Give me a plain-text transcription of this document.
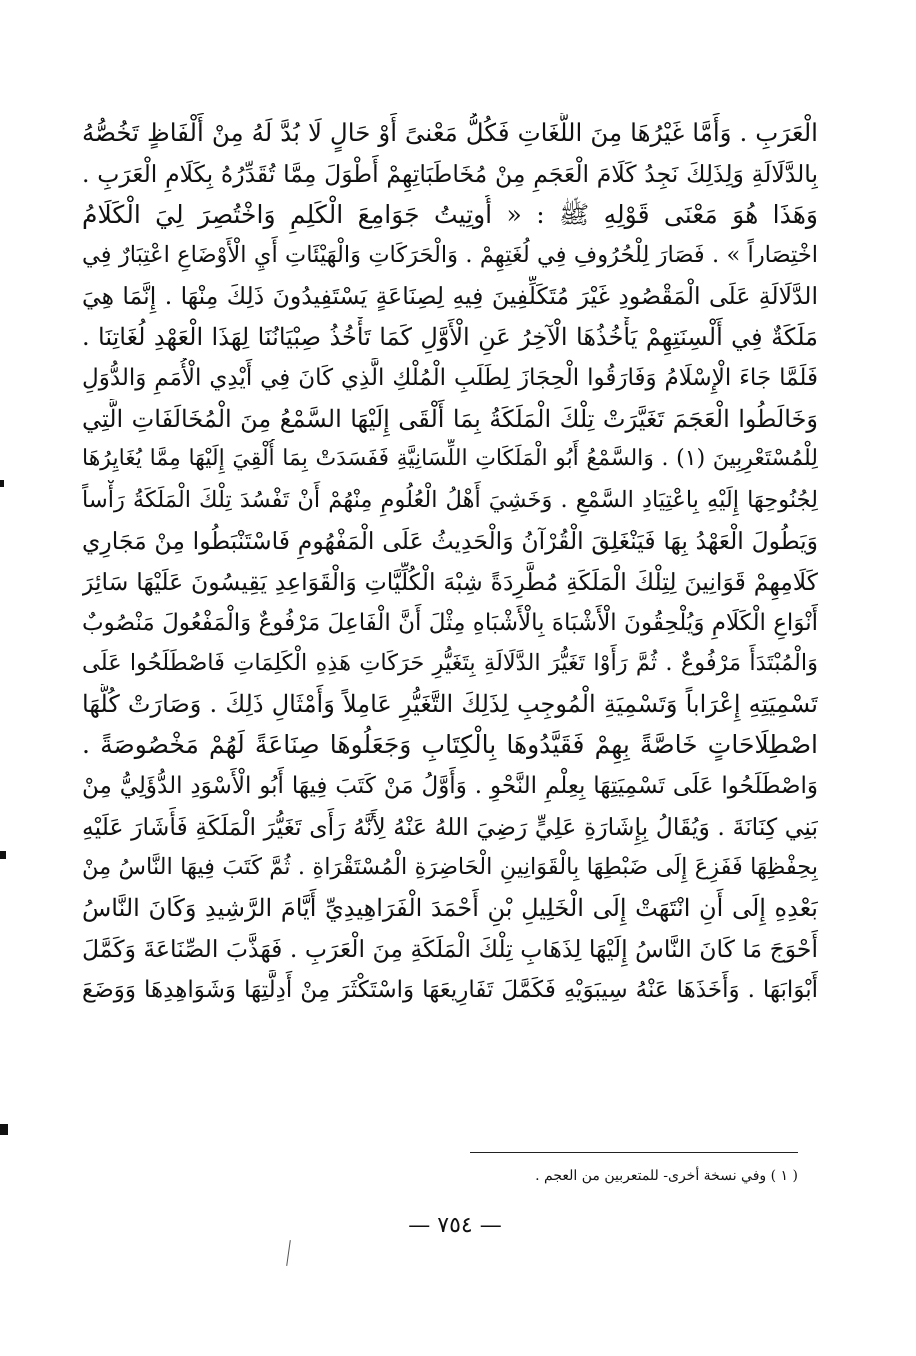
الْعَرَبِ . وَأَمَّا غَيْرُهَا مِنَ اللُّغَاتِ فَكُلُّ مَعْنىً أَوْ حَالٍ لَا بُدَّ لَهُ مِنْ أَلْفَاظٍ تَخُصُّهُ
بِالدَّلَالَةِ وَلِذَلِكَ نَجِدُ كَلَامَ الْعَجَمِ مِنْ مُخَاطَبَاتِهِمْ أَطْوَلَ مِمَّا تُقَدِّرُهُ بِكَلَامِ الْعَرَبِ .
وَهَذَا هُوَ مَعْنَى قَوْلِهِ ﷺ : « أُوتِيتُ جَوَامِعَ الْكَلِمِ وَاخْتُصِرَ لِيَ الْكَلَامُ
اخْتِصَاراً » . فَصَارَ لِلْحُرُوفِ فِي لُغَتِهِمْ . وَالْحَرَكَاتِ وَالْهَيْئَاتِ أَيِ الْأَوْضَاعِ اعْتِبَارٌ فِي
الدَّلَالَةِ عَلَى الْمَقْصُودِ غَيْرَ مُتَكَلِّفِينَ فِيهِ لِصِنَاعَةٍ يَسْتَفِيدُونَ ذَلِكَ مِنْهَا . إِنَّمَا هِيَ
مَلَكَةٌ فِي أَلْسِنَتِهِمْ يَأْخُذُهَا الْآخِرُ عَنِ الْأَوَّلِ كَمَا تَأْخُذُ صِبْيَانُنَا لِهَذَا الْعَهْدِ لُغَاتِنَا .
فَلَمَّا جَاءَ الْإِسْلَامُ وَفَارَقُوا الْحِجَازَ لِطَلَبِ الْمُلْكِ الَّذِي كَانَ فِي أَيْدِي الْأُمَمِ وَالدُّوَلِ
وَخَالَطُوا الْعَجَمَ تَغَيَّرَتْ تِلْكَ الْمَلَكَةُ بِمَا أَلْقَى إِلَيْهَا السَّمْعُ مِنَ الْمُخَالَفَاتِ الَّتِي
لِلْمُسْتَعْرِبِينَ (١) . وَالسَّمْعُ أَبُو الْمَلَكَاتِ اللِّسَانِيَّةِ فَفَسَدَتْ بِمَا أُلْقِيَ إِلَيْهَا مِمَّا يُغَايِرُهَا
لِجُنُوحِهَا إِلَيْهِ بِاعْتِيَادِ السَّمْعِ . وَخَشِيَ أَهْلُ الْعُلُومِ مِنْهُمْ أَنْ تَفْسُدَ تِلْكَ الْمَلَكَةُ رَأْساً
وَيَطُولَ الْعَهْدُ بِهَا فَيَنْغَلِقَ الْقُرْآنُ وَالْحَدِيثُ عَلَى الْمَفْهُومِ فَاسْتَنْبَطُوا مِنْ مَجَارِي
كَلَامِهِمْ قَوَانِينَ لِتِلْكَ الْمَلَكَةِ مُطَّرِدَةً شِبْهَ الْكُلِّيَّاتِ وَالْقَوَاعِدِ يَقِيسُونَ عَلَيْهَا سَائِرَ
أَنْوَاعِ الْكَلَامِ وَيُلْحِقُونَ الْأَشْبَاهَ بِالْأَشْبَاهِ مِثْلَ أَنَّ الْفَاعِلَ مَرْفُوعٌ وَالْمَفْعُولَ مَنْصُوبٌ
وَالْمُبْتَدَأَ مَرْفُوعٌ . ثُمَّ رَأَوْا تَغَيُّرَ الدَّلَالَةِ بِتَغَيُّرِ حَرَكَاتِ هَذِهِ الْكَلِمَاتِ فَاصْطَلَحُوا عَلَى
تَسْمِيَتِهِ إِعْرَاباً وَتَسْمِيَةِ الْمُوجِبِ لِذَلِكَ التَّغَيُّرِ عَامِلاً وَأَمْثَالِ ذَلِكَ . وَصَارَتْ كُلُّهَا
اصْطِلَاحَاتٍ خَاصَّةً بِهِمْ فَقَيَّدُوهَا بِالْكِتَابِ وَجَعَلُوهَا صِنَاعَةً لَهُمْ مَخْصُوصَةً .
وَاصْطَلَحُوا عَلَى تَسْمِيَتِهَا بِعِلْمِ النَّحْوِ . وَأَوَّلُ مَنْ كَتَبَ فِيهَا أَبُو الْأَسْوَدِ الدُّؤَلِيُّ مِنْ
بَنِي كِنَانَةَ . وَيُقَالُ بِإِشَارَةِ عَلِيٍّ رَضِيَ اللهُ عَنْهُ لِأَنَّهُ رَأَى تَغَيُّرَ الْمَلَكَةِ فَأَشَارَ عَلَيْهِ
بِحِفْظِهَا فَفَزِعَ إِلَى ضَبْطِهَا بِالْقَوَانِينِ الْحَاضِرَةِ الْمُسْتَقْرَاةِ . ثُمَّ كَتَبَ فِيهَا النَّاسُ مِنْ
بَعْدِهِ إِلَى أَنِ انْتَهَتْ إِلَى الْخَلِيلِ بْنِ أَحْمَدَ الْفَرَاهِيدِيِّ أَيَّامَ الرَّشِيدِ وَكَانَ النَّاسُ
أَحْوَجَ مَا كَانَ النَّاسُ إِلَيْهَا لِذَهَابِ تِلْكَ الْمَلَكَةِ مِنَ الْعَرَبِ . فَهَذَّبَ الصِّنَاعَةَ وَكَمَّلَ
أَبْوَابَهَا . وَأَخَذَهَا عَنْهُ سِيبَوَيْهِ فَكَمَّلَ تَفَارِيعَهَا وَاسْتَكْثَرَ مِنْ أَدِلَّتِهَا وَشَوَاهِدِهَا وَوَضَعَ
( ١ ) وفي نسخة أخرى- للمتعربين من العجم .
— ٧٥٤ —
